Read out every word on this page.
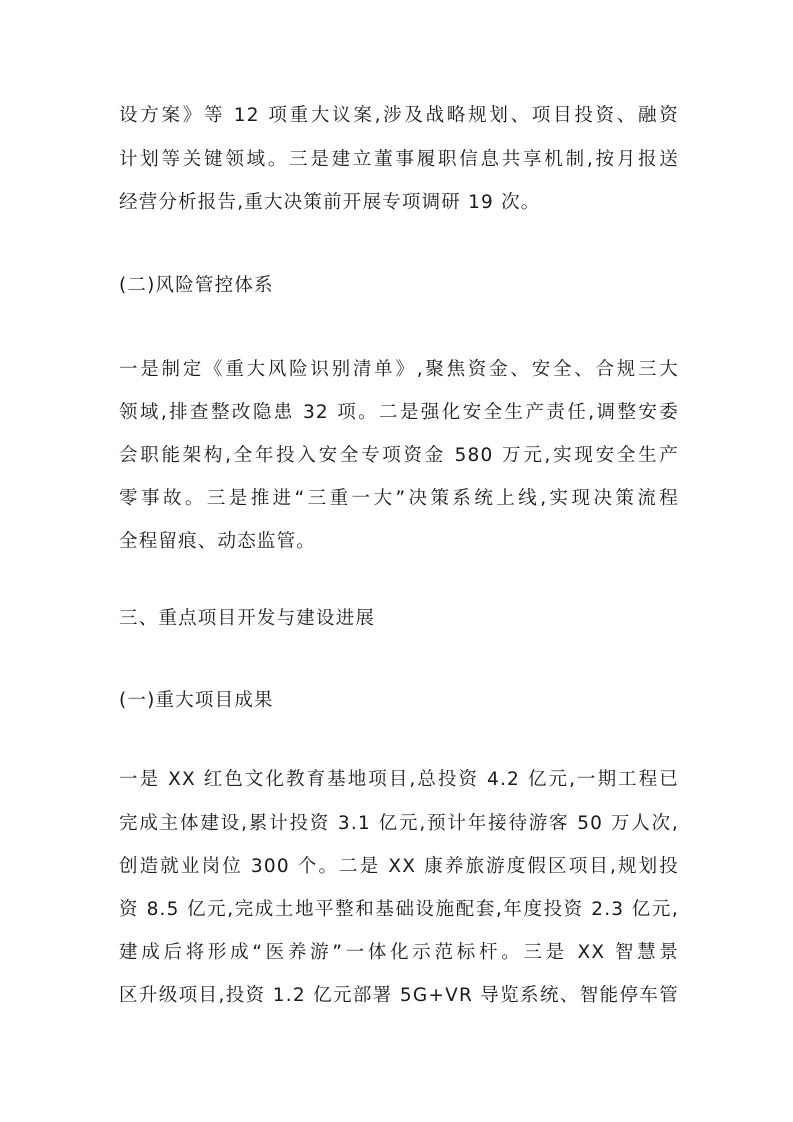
设方案》等 12 项重大议案,涉及战略规划、项目投资、融资
计划等关键领域。三是建立董事履职信息共享机制,按月报送
经营分析报告,重大决策前开展专项调研 19 次。
(二)风险管控体系
一是制定《重大风险识别清单》,聚焦资金、安全、合规三大
领域,排查整改隐患 32 项。二是强化安全生产责任,调整安委
会职能架构,全年投入安全专项资金 580 万元,实现安全生产
零事故。三是推进“三重一大”决策系统上线,实现决策流程
全程留痕、动态监管。
三、重点项目开发与建设进展
(一)重大项目成果
一是 XX 红色文化教育基地项目,总投资 4.2 亿元,一期工程已
完成主体建设,累计投资 3.1 亿元,预计年接待游客 50 万人次,
创造就业岗位 300 个。二是 XX 康养旅游度假区项目,规划投
资 8.5 亿元,完成土地平整和基础设施配套,年度投资 2.3 亿元,
建成后将形成“医养游”一体化示范标杆。三是 XX 智慧景
区升级项目,投资 1.2 亿元部署 5G+VR 导览系统、智能停车管
